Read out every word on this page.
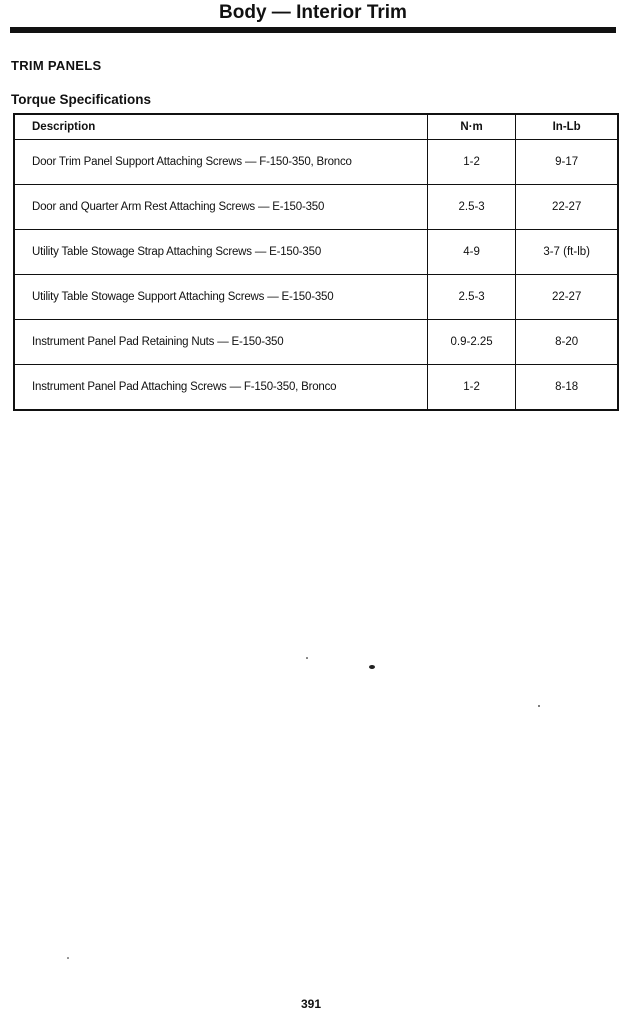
Body — Interior Trim
TRIM PANELS
Torque Specifications
Description	N·m	In-Lb
Door Trim Panel Support Attaching Screws — F-150-350, Bronco	1-2	9-17
Door and Quarter Arm Rest Attaching Screws — E-150-350	2.5-3	22-27
Utility Table Stowage Strap Attaching Screws — E-150-350	4-9	3-7 (ft-lb)
Utility Table Stowage Support Attaching Screws — E-150-350	2.5-3	22-27
Instrument Panel Pad Retaining Nuts — E-150-350	0.9-2.25	8-20
Instrument Panel Pad Attaching Screws — F-150-350, Bronco	1-2	8-18
391
